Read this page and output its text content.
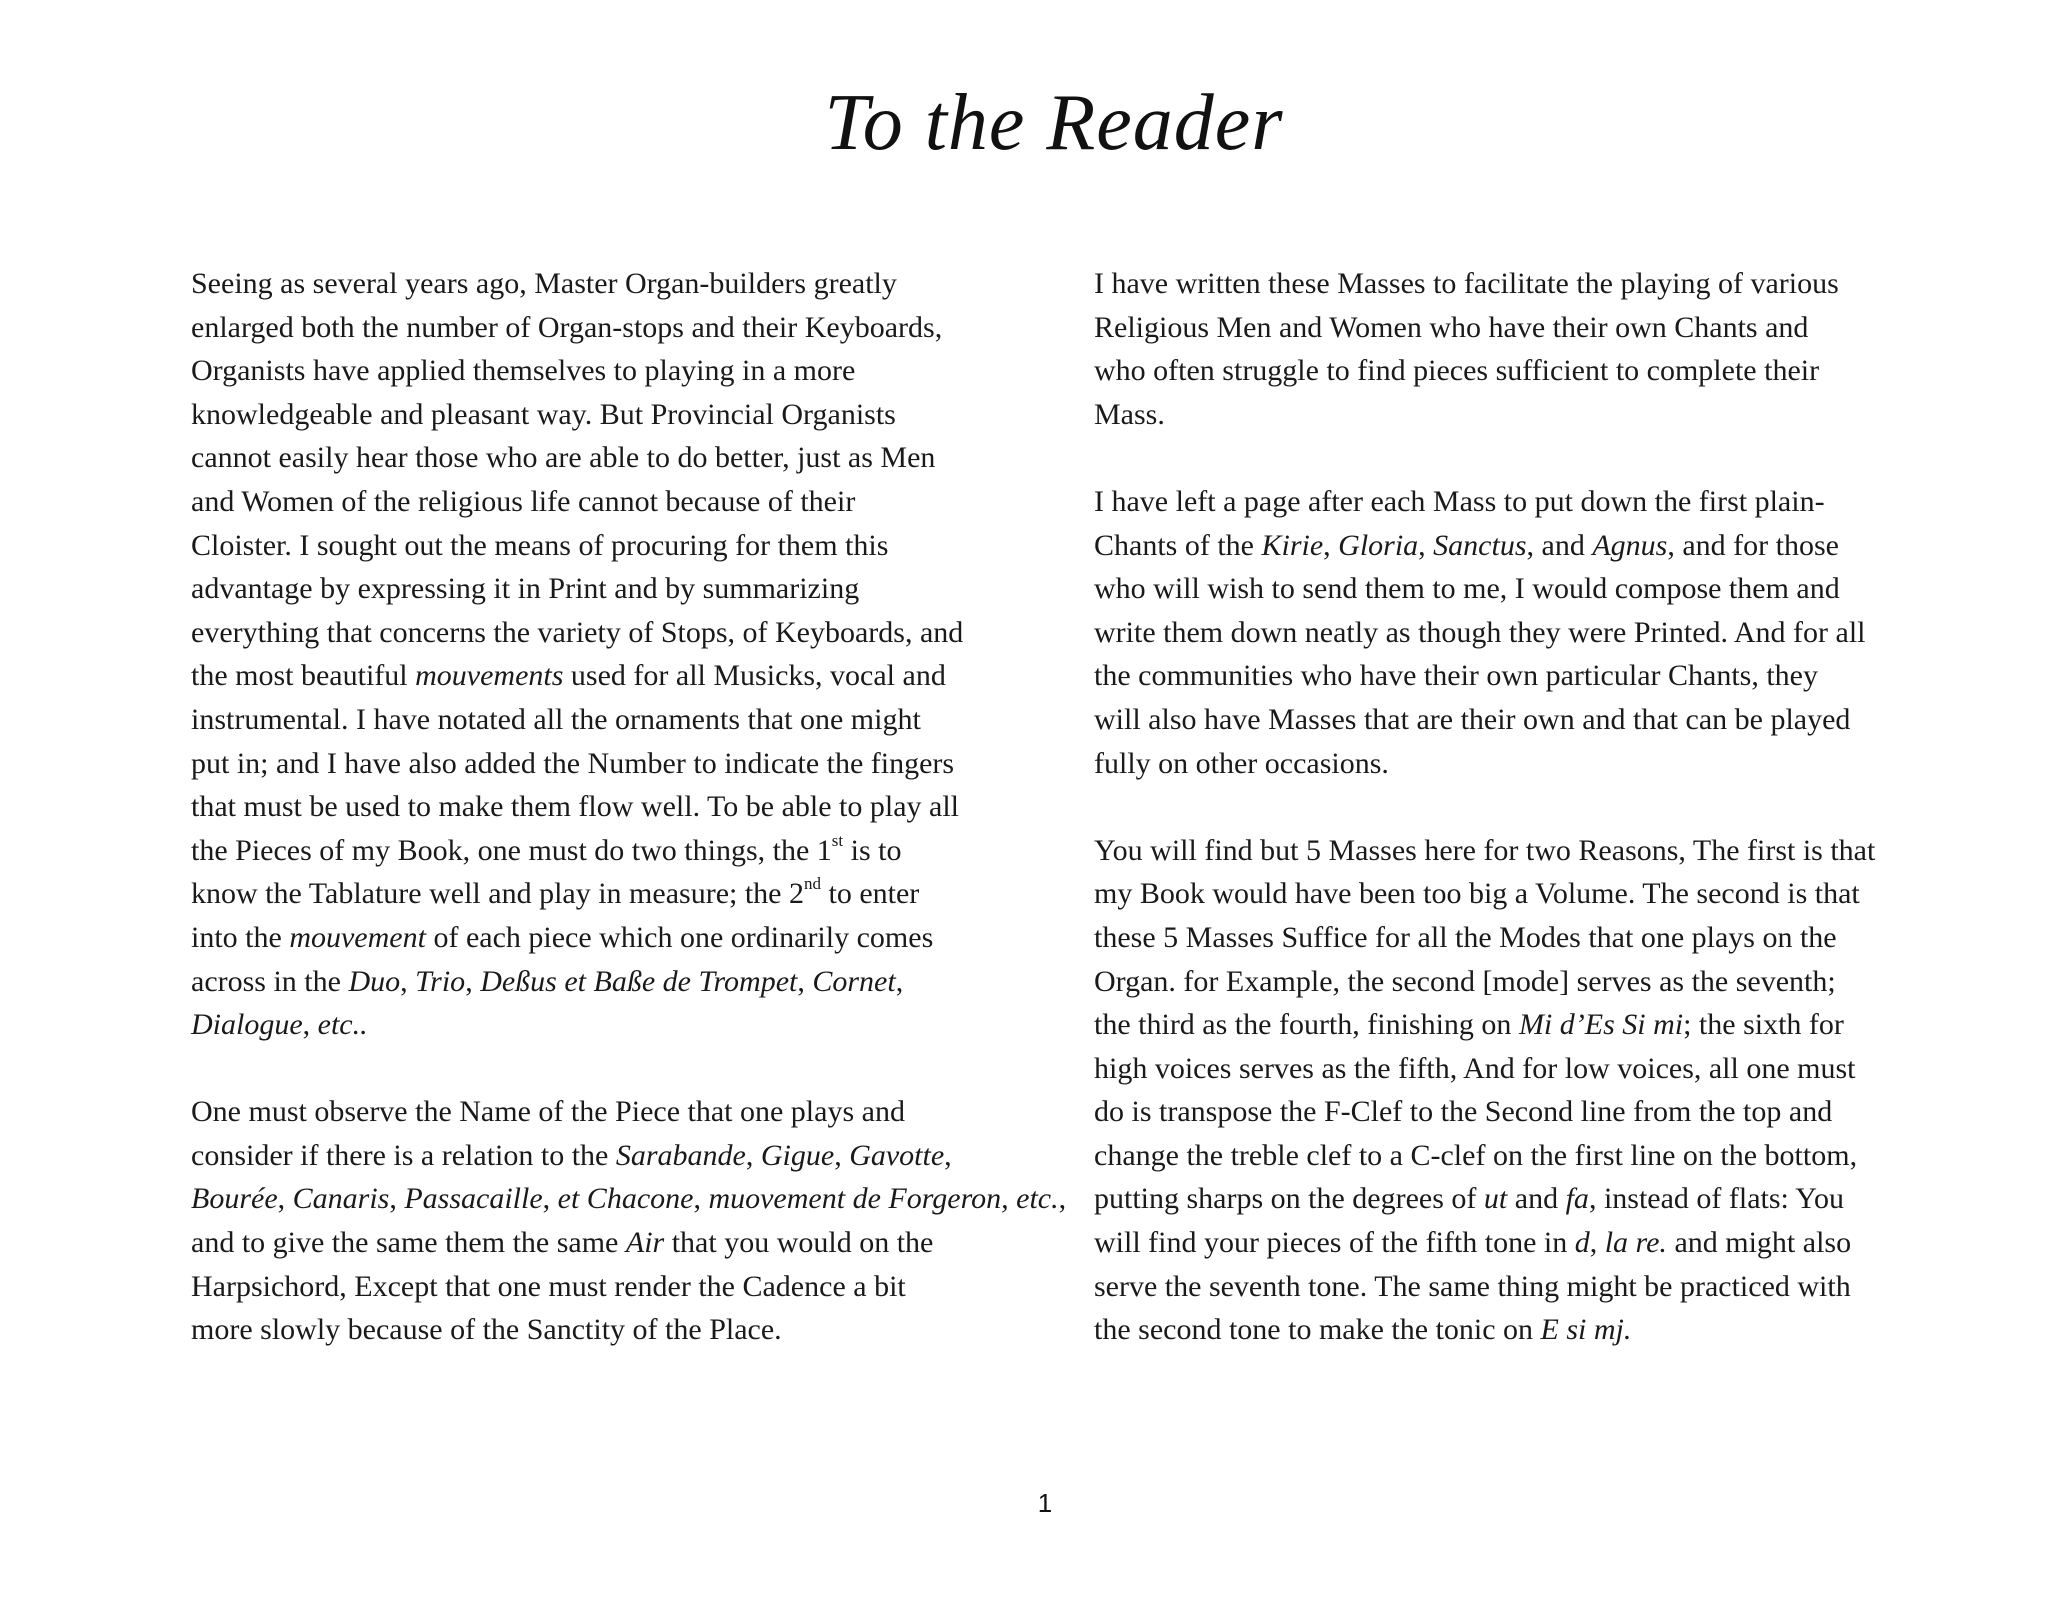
To the Reader
Seeing as several years ago, Master Organ-builders greatly
enlarged both the number of Organ-stops and their Keyboards,
Organists have applied themselves to playing in a more
knowledgeable and pleasant way. But Provincial Organists
cannot easily hear those who are able to do better, just as Men
and Women of the religious life cannot because of their
Cloister. I sought out the means of procuring for them this
advantage by expressing it in Print and by summarizing
everything that concerns the variety of Stops, of Keyboards, and
the most beautiful mouvements used for all Musicks, vocal and
instrumental. I have notated all the ornaments that one might
put in; and I have also added the Number to indicate the fingers
that must be used to make them flow well. To be able to play all
the Pieces of my Book, one must do two things, the 1st is to
know the Tablature well and play in measure; the 2nd to enter
into the mouvement of each piece which one ordinarily comes
across in the Duo, Trio, Deßus et Baße de Trompet, Cornet,
Dialogue, etc..
One must observe the Name of the Piece that one plays and
consider if there is a relation to the Sarabande, Gigue, Gavotte,
Bourée, Canaris, Passacaille, et Chacone, muovement de Forgeron, etc.,
and to give the same them the same Air that you would on the
Harpsichord, Except that one must render the Cadence a bit
more slowly because of the Sanctity of the Place.
I have written these Masses to facilitate the playing of various
Religious Men and Women who have their own Chants and
who often struggle to find pieces sufficient to complete their
Mass.
I have left a page after each Mass to put down the first plain-
Chants of the Kirie, Gloria, Sanctus, and Agnus, and for those
who will wish to send them to me, I would compose them and
write them down neatly as though they were Printed. And for all
the communities who have their own particular Chants, they
will also have Masses that are their own and that can be played
fully on other occasions.
You will find but 5 Masses here for two Reasons, The first is that
my Book would have been too big a Volume. The second is that
these 5 Masses Suffice for all the Modes that one plays on the
Organ. for Example, the second [mode] serves as the seventh;
the third as the fourth, finishing on Mi d’Es Si mi; the sixth for
high voices serves as the fifth, And for low voices, all one must
do is transpose the F-Clef to the Second line from the top and
change the treble clef to a C-clef on the first line on the bottom,
putting sharps on the degrees of ut and fa, instead of flats: You
will find your pieces of the fifth tone in d, la re. and might also
serve the seventh tone. The same thing might be practiced with
the second tone to make the tonic on E si mj.
1
